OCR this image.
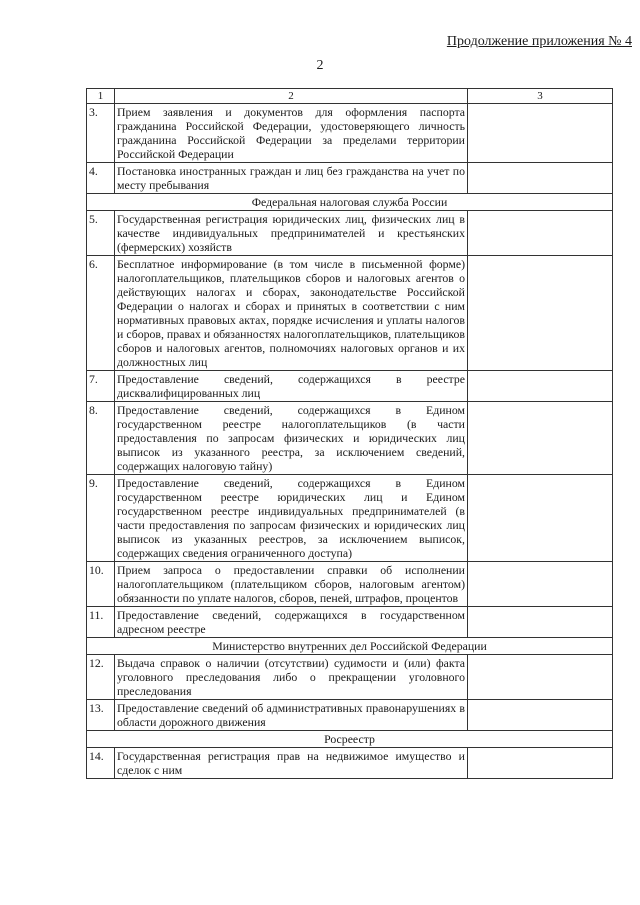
Продолжение приложения № 4
2
1	2	3
3.	Прием заявления и документов для оформления паспорта гражданина Российской Федерации, удостоверяющего личность гражданина Российской Федерации за пределами территории Российской Федерации	
4.	Постановка иностранных граждан и лиц без гражданства на учет по месту пребывания	
Федеральная налоговая служба России		
5.	Государственная регистрация юридических лиц, физических лиц в качестве индивидуальных предпринимателей и крестьянских (фермерских) хозяйств	
6.	Бесплатное информирование (в том числе в письменной форме) налогоплательщиков, плательщиков сборов и налоговых агентов о действующих налогах и сборах, законодательстве Российской Федерации о налогах и сборах и принятых в соответствии с ним нормативных правовых актах, порядке исчисления и уплаты налогов и сборов, правах и обязанностях налогоплательщиков, плательщиков сборов и налоговых агентов, полномочиях налоговых органов и их должностных лиц	
7.	Предоставление сведений, содержащихся в реестре дисквалифицированных лиц	
8.	Предоставление сведений, содержащихся в Едином государственном реестре налогоплательщиков (в части предоставления по запросам физических и юридических лиц выписок из указанного реестра, за исключением сведений, содержащих налоговую тайну)	
9.	Предоставление сведений, содержащихся в Едином государственном реестре юридических лиц и Едином государственном реестре индивидуальных предпринимателей (в части предоставления по запросам физических и юридических лиц выписок из указанных реестров, за исключением выписок, содержащих сведения ограниченного доступа)	
10.	Прием запроса о предоставлении справки об исполнении налогоплательщиком (плательщиком сборов, налоговым агентом) обязанности по уплате налогов, сборов, пеней, штрафов, процентов	
11.	Предоставление сведений, содержащихся в государственном адресном реестре	
Министерство внутренних дел Российской Федерации		
12.	Выдача справок о наличии (отсутствии) судимости и (или) факта уголовного преследования либо о прекращении уголовного преследования	
13.	Предоставление сведений об административных правонарушениях в области дорожного движения	
Росреестр		
14.	Государственная регистрация прав на недвижимое имущество и сделок с ним	
